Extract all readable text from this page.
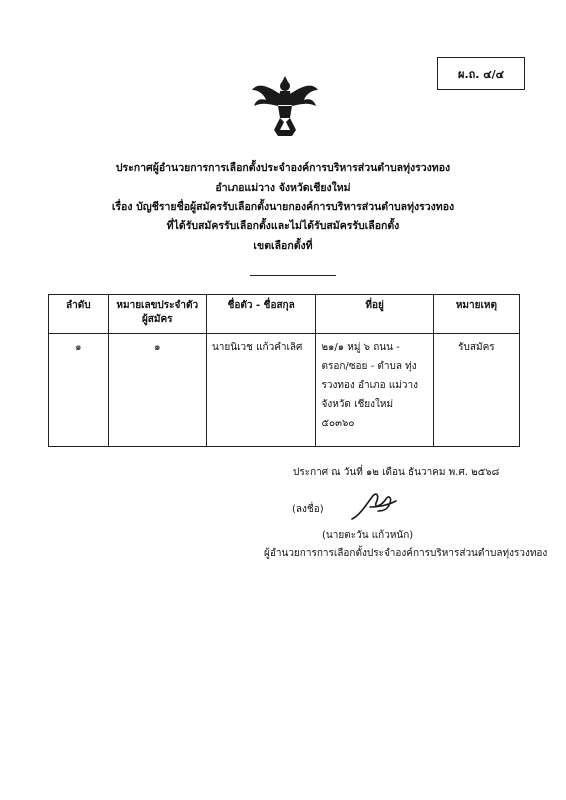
ผ.ถ. ๔/๔
ประกาศผู้อำนวยการการเลือกตั้งประจำองค์การบริหารส่วนตำบลทุ่งรวงทอง
อำเภอแม่วาง จังหวัดเชียงใหม่
เรื่อง บัญชีรายชื่อผู้สมัครรับเลือกตั้งนายกองค์การบริหารส่วนตำบลทุ่งรวงทอง
ที่ได้รับสมัครรับเลือกตั้งและไม่ได้รับสมัครรับเลือกตั้ง
เขตเลือกตั้งที่
ลำดับ	หมายเลขประจำตัว ผู้สมัคร	ชื่อตัว - ชื่อสกุล	ที่อยู่	หมายเหตุ
๑	๑	นายนิเวช แก้วคำเลิศ	๒๑/๑ หมู่ ๖ ถนน - ตรอก/ซอย - ตำบล ทุ่งรวงทอง อำเภอ แม่วาง จังหวัด เชียงใหม่ ๕๐๓๖๐	รับสมัคร
ประกาศ ณ วันที่ ๑๒ เดือน ธันวาคม พ.ศ. ๒๕๖๘
(ลงชื่อ)
(นายตะวัน แก้วหนัก)
ผู้อำนวยการการเลือกตั้งประจำองค์การบริหารส่วนตำบลทุ่งรวงทอง
